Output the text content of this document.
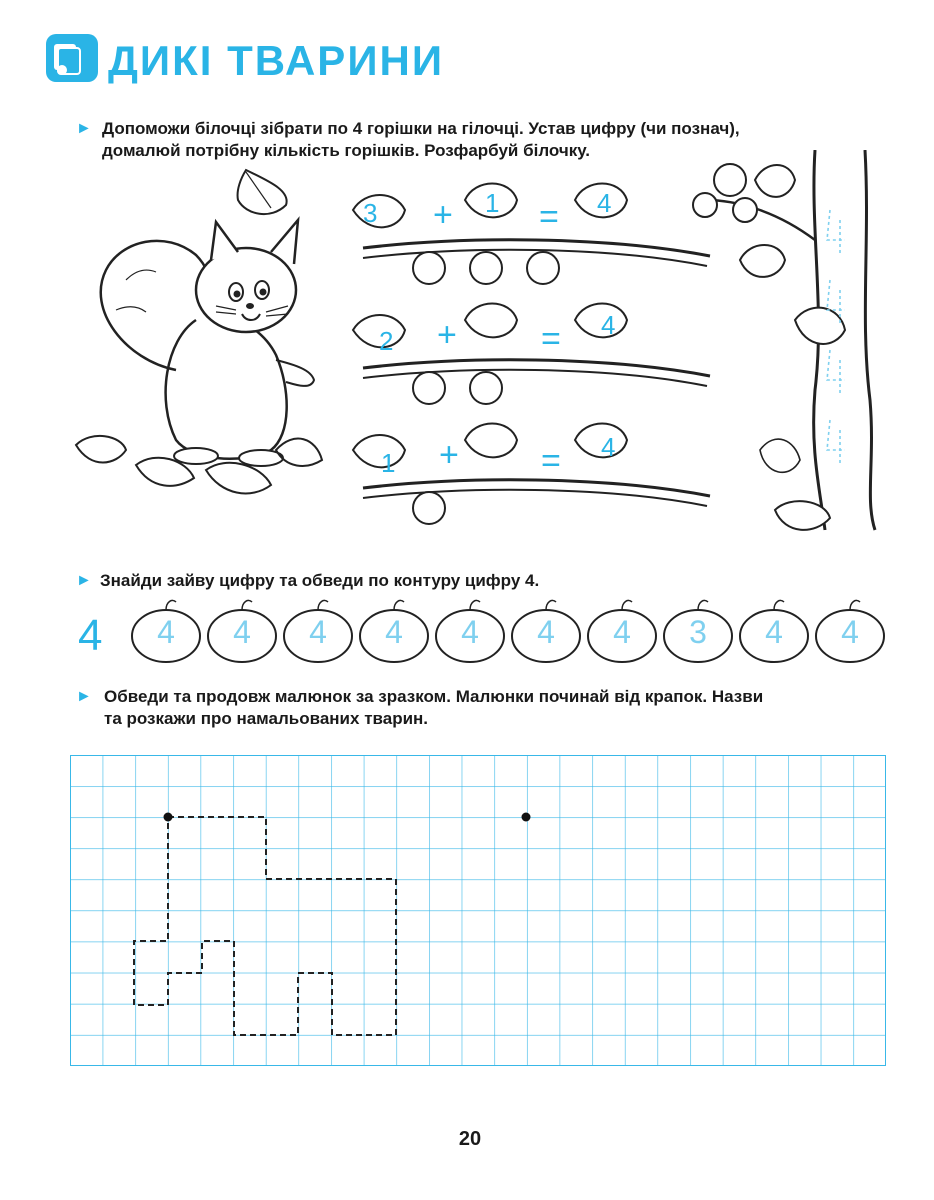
ДИКІ ТВАРИНИ
► Допоможи білочці зібрати по 4 горішки на гілочці. Устав цифру (чи познач),
домалюй потрібну кількість горішків. Розфарбуй білочку.
3 + 1 = 4
2 + = 4
1 + = 4
► Знайди зайву цифру та обведи по контуру цифру 4.
4	4	4	4	4	4	4	4	3	4	4
► Обведи та продовж малюнок за зразком. Малюнки починай від крапок. Назви
та розкажи про намальованих тварин.
20
